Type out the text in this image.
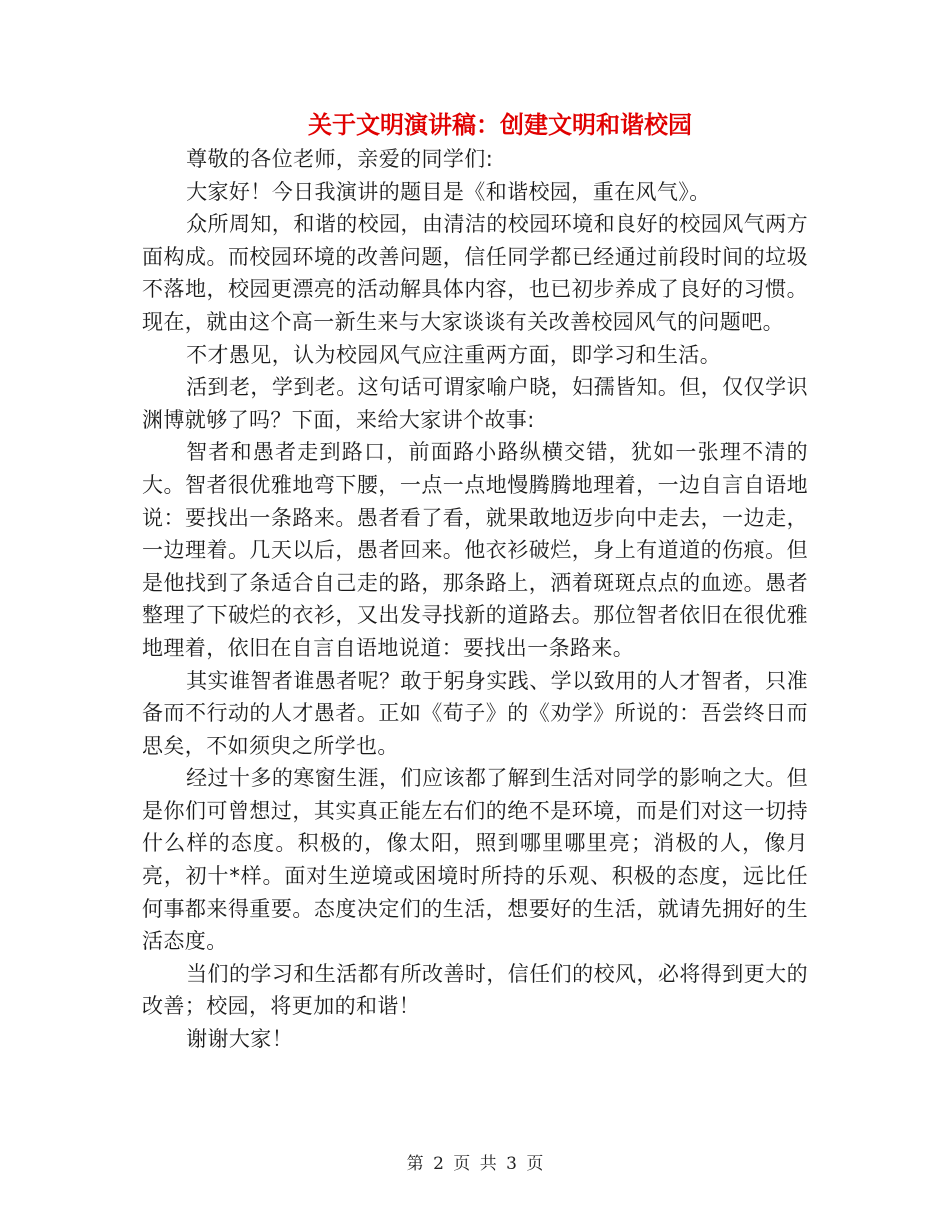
关于文明演讲稿：创建文明和谐校园

尊敬的各位老师，亲爱的同学们:

大家好！今日我演讲的题目是《和谐校园，重在风气》。

众所周知，和谐的校园，由清洁的校园环境和良好的校园风气两方面构成。而校园环境的改善问题，信任同学都已经通过前段时间的垃圾不落地，校园更漂亮的活动解具体内容，也已初步养成了良好的习惯。现在，就由这个高一新生来与大家谈谈有关改善校园风气的问题吧。

不才愚见，认为校园风气应注重两方面，即学习和生活。

活到老，学到老。这句话可谓家喻户晓，妇孺皆知。但，仅仅学识渊博就够了吗？下面，来给大家讲个故事:

智者和愚者走到路口，前面路小路纵横交错，犹如一张理不清的大。智者很优雅地弯下腰，一点一点地慢腾腾地理着，一边自言自语地说：要找出一条路来。愚者看了看，就果敢地迈步向中走去，一边走，一边理着。几天以后，愚者回来。他衣衫破烂，身上有道道的伤痕。但是他找到了条适合自己走的路，那条路上，洒着斑斑点点的血迹。愚者整理了下破烂的衣衫，又出发寻找新的道路去。那位智者依旧在很优雅地理着，依旧在自言自语地说道：要找出一条路来。

其实谁智者谁愚者呢？敢于躬身实践、学以致用的人才智者，只准备而不行动的人才愚者。正如《荀子》的《劝学》所说的：吾尝终日而思矣，不如须臾之所学也。

经过十多的寒窗生涯，们应该都了解到生活对同学的影响之大。但是你们可曾想过，其实真正能左右们的绝不是环境，而是们对这一切持什么样的态度。积极的，像太阳，照到哪里哪里亮；消极的人，像月亮，初十*样。面对生逆境或困境时所持的乐观、积极的态度，远比任何事都来得重要。态度决定们的生活，想要好的生活，就请先拥好的生活态度。

当们的学习和生活都有所改善时，信任们的校风，必将得到更大的改善；校园，将更加的和谐！

谢谢大家！

第 2 页 共 3 页
